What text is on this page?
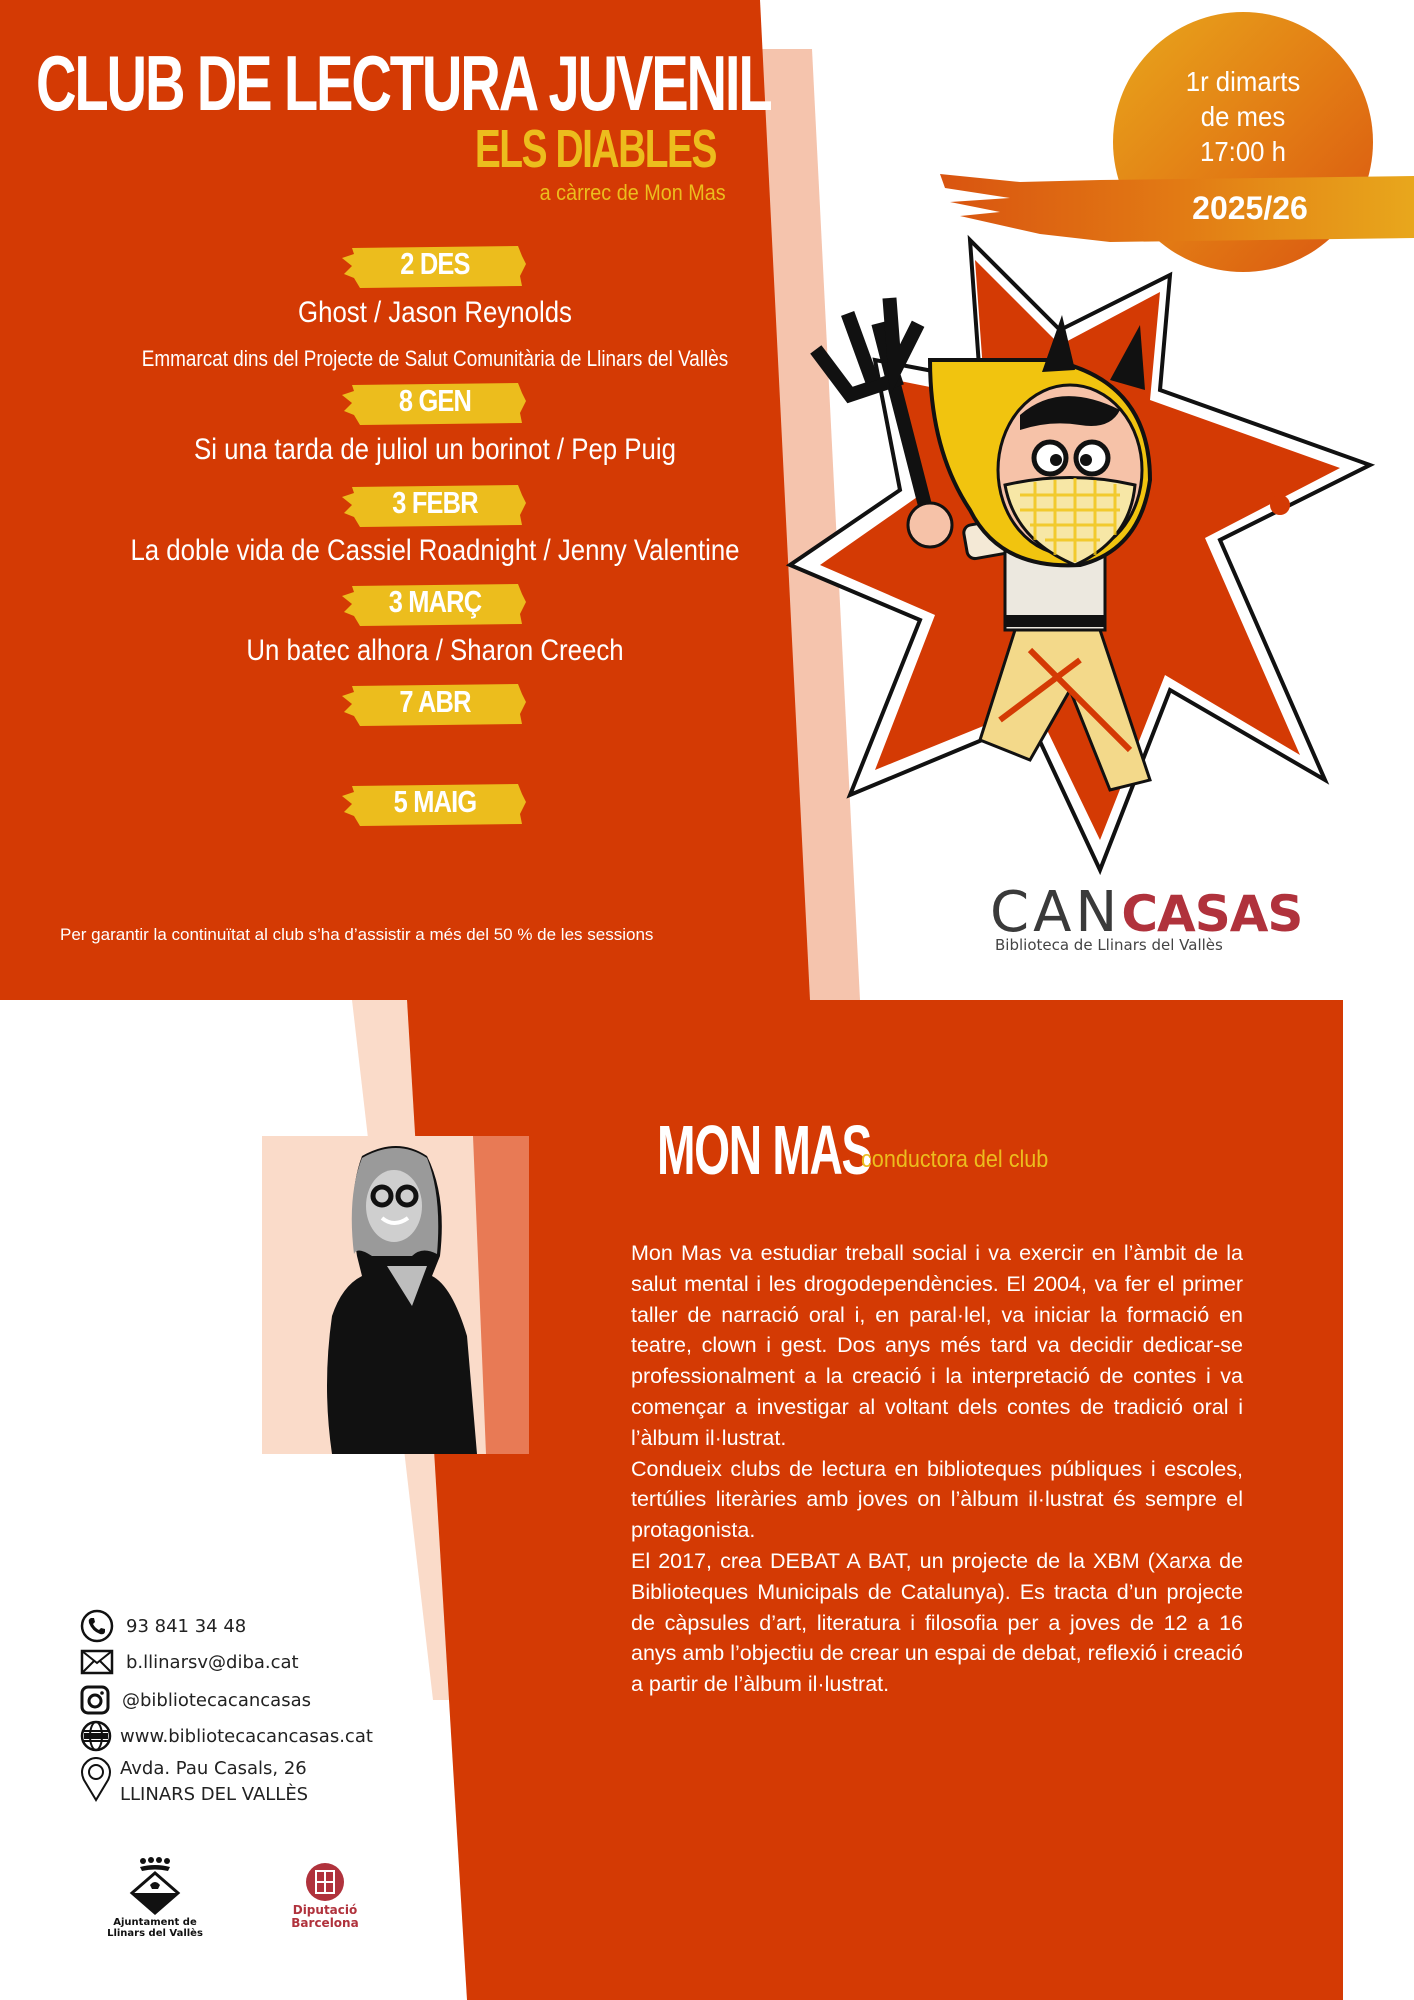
CLUB DE LECTURA JUVENIL
ELS DIABLES
a càrrec de Mon Mas
2 DES
Ghost / Jason Reynolds
Emmarcat dins del Projecte de Salut Comunitària de Llinars del Vallès
8 GEN
Si una tarda de juliol un borinot / Pep Puig
3 FEBR
La doble vida de Cassiel Roadnight / Jenny Valentine
3 MARÇ
Un batec alhora / Sharon Creech
7 ABR
5 MAIG
Per garantir la continuïtat al club s’ha d’assistir a més del 50 % de les sessions
1r dimarts
de mes
17:00 h
2025/26
CANCASAS
Biblioteca de Llinars del Vallès
MON MAS
conductora del club

Mon Mas va estudiar treball social i va exercir en l’àmbit de la salut mental i les drogodependències. El 2004, va fer el primer taller de narració oral i, en paral·lel, va iniciar la formació en teatre, clown i gest. Dos anys més tard va decidir dedicar-se professionalment a la creació i la interpretació de contes i va començar a investigar al voltant dels contes de tradició oral i l’àlbum il·lustrat.

Condueix clubs de lectura en biblioteques públiques i escoles, tertúlies literàries amb joves on l’àlbum il·lustrat és sempre el protagonista.

El 2017, crea DEBAT A BAT, un projecte de la XBM (Xarxa de Biblioteques Municipals de Catalunya). Es tracta d’un projecte de càpsules d’art, literatura i filosofia per a joves de 12 a 16 anys amb l’objectiu de crear un espai de debat, reflexió i creació a partir de l’àlbum il·lustrat.

93 841 34 48
b.llinarsv@diba.cat
@bibliotecacancasas
www.bibliotecacancasas.cat
Avda. Pau Casals, 26
LLINARS DEL VALLÈS
Ajuntament de
Llinars del Vallès
Diputació
Barcelona
